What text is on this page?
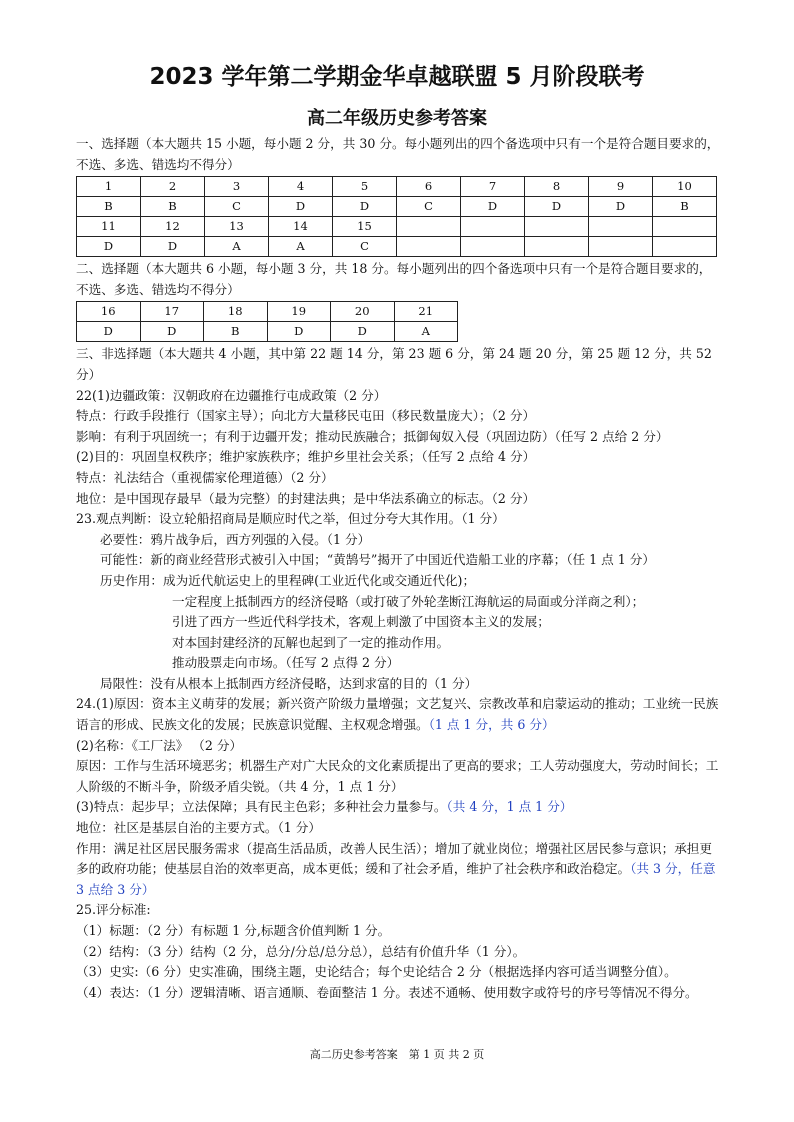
2023 学年第二学期金华卓越联盟 5 月阶段联考
高二年级历史参考答案

一、选择题（本大题共 15 小题，每小题 2 分，共 30 分。每小题列出的四个备选项中只有一个是符合题目要求的，不选、多选、错选均不得分）

1	2	3	4	5	6	7	8	9	10
B	B	C	D	D	C	D	D	D	B
11	12	13	14	15					
D	D	A	A	C					

二、选择题（本大题共 6 小题，每小题 3 分，共 18 分。每小题列出的四个备选项中只有一个是符合题目要求的，不选、多选、错选均不得分）

16	17	18	19	20	21
D	D	B	D	D	A

三、非选择题（本大题共 4 小题，其中第 22 题 14 分，第 23 题 6 分，第 24 题 20 分，第 25 题 12 分，共 52 分）

22(1)边疆政策：汉朝政府在边疆推行屯成政策（2 分）

特点：行政手段推行（国家主导）；向北方大量移民屯田（移民数量庞大）；（2 分）

影响：有利于巩固统一；有利于边疆开发；推动民族融合；抵御匈奴入侵（巩固边防）（任写 2 点给 2 分）

(2)目的：巩固皇权秩序；维护家族秩序；维护乡里社会关系；（任写 2 点给 4 分）

特点：礼法结合（重视儒家伦理道德）（2 分）

地位：是中国现存最早（最为完整）的封建法典；是中华法系确立的标志。（2 分）

23.观点判断：设立轮船招商局是顺应时代之举，但过分夸大其作用。（1 分）

必要性：鸦片战争后，西方列强的入侵。（1 分）

可能性：新的商业经营形式被引入中国；“黄鹄号”揭开了中国近代造船工业的序幕；（任 1 点 1 分）

历史作用：成为近代航运史上的里程碑(工业近代化或交通近代化)；

一定程度上抵制西方的经济侵略（或打破了外轮垄断江海航运的局面或分洋商之利）；

引进了西方一些近代科学技术，客观上刺激了中国资本主义的发展；

对本国封建经济的瓦解也起到了一定的推动作用。

推动股票走向市场。（任写 2 点得 2 分）

局限性：没有从根本上抵制西方经济侵略，达到求富的目的（1 分）

24.(1)原因：资本主义萌芽的发展；新兴资产阶级力量增强；文艺复兴、宗教改革和启蒙运动的推动；工业统一民族语言的形成、民族文化的发展；民族意识觉醒、主权观念增强。（1 点 1 分，共 6 分）

(2)名称：《工厂法》 （2 分）

原因：工作与生活环境恶劣；机器生产对广大民众的文化素质提出了更高的要求；工人劳动强度大，劳动时间长；工人阶级的不断斗争，阶级矛盾尖锐。（共 4 分，1 点 1 分）

(3)特点：起步早；立法保障；具有民主色彩；多种社会力量参与。（共 4 分，1 点 1 分）

地位：社区是基层自治的主要方式。（1 分）

作用：满足社区居民服务需求（提高生活品质，改善人民生活）；增加了就业岗位；增强社区居民参与意识；承担更多的政府功能；使基层自治的效率更高，成本更低；缓和了社会矛盾，维护了社会秩序和政治稳定。（共 3 分，任意 3 点给 3 分）

25.评分标准:

（1）标题：（2 分）有标题 1 分,标题含价值判断 1 分。

（2）结构：（3 分）结构（2 分，总分/分总/总分总），总结有价值升华（1 分）。

（3）史实:（6 分）史实准确，围绕主题，史论结合；每个史论结合 2 分（根据选择内容可适当调整分值）。

（4）表达：（1 分）逻辑清晰、语言通顺、卷面整洁 1 分。表述不通畅、使用数字或符号的序号等情况不得分。

高二历史参考答案　第 1 页 共 2 页
